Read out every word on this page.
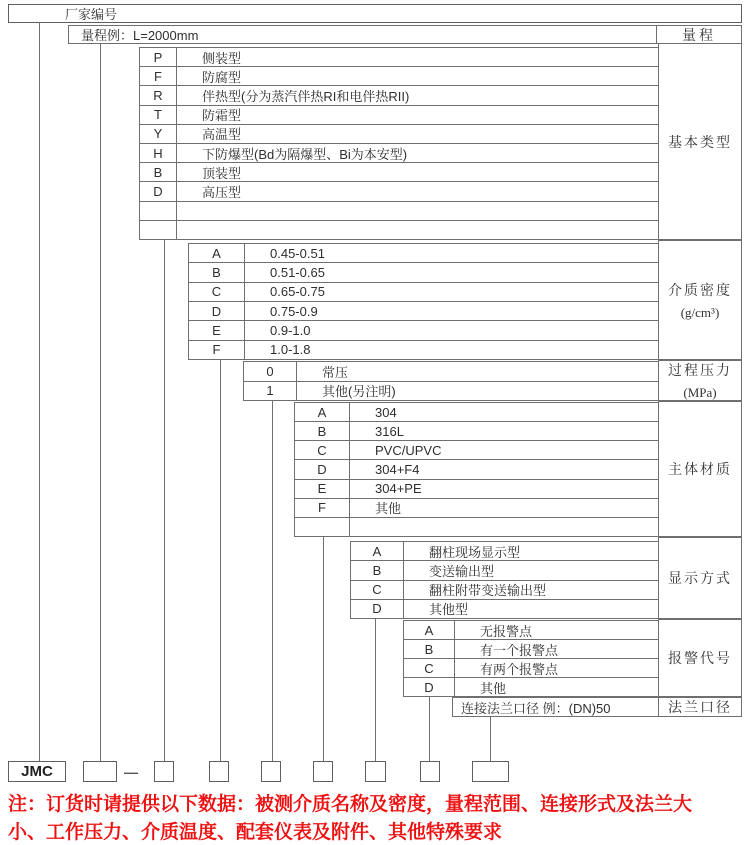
厂家编号
量程例：L=2000mm	量程
JMC	—
注：订货时请提供以下数据：被测介质名称及密度，量程范围、连接形式及法兰大小、工作压力、介质温度、配套仪表及附件、其他特殊要求
P	侧装型
F	防腐型
R	伴热型(分为蒸汽伴热RI和电伴热RII)
T	防霜型
Y	高温型
H	下防爆型(Bd为隔爆型、Bi为本安型)
B	顶装型
D	高压型
基本类型
A	0.45-0.51
B	0.51-0.65
C	0.65-0.75
D	0.75-0.9
E	0.9-1.0
F	1.0-1.8
介质密度
(g/cm³)
0	常压
1	其他(另注明)
过程压力
(MPa)
A	304
B	316L
C	PVC/UPVC
D	304+F4
E	304+PE
F	其他
主体材质
A	翻柱现场显示型
B	变送输出型
C	翻柱附带变送输出型
D	其他型
显示方式
A	无报警点
B	有一个报警点
C	有两个报警点
D	其他
报警代号
连接法兰口径 例：(DN)50	法兰口径
